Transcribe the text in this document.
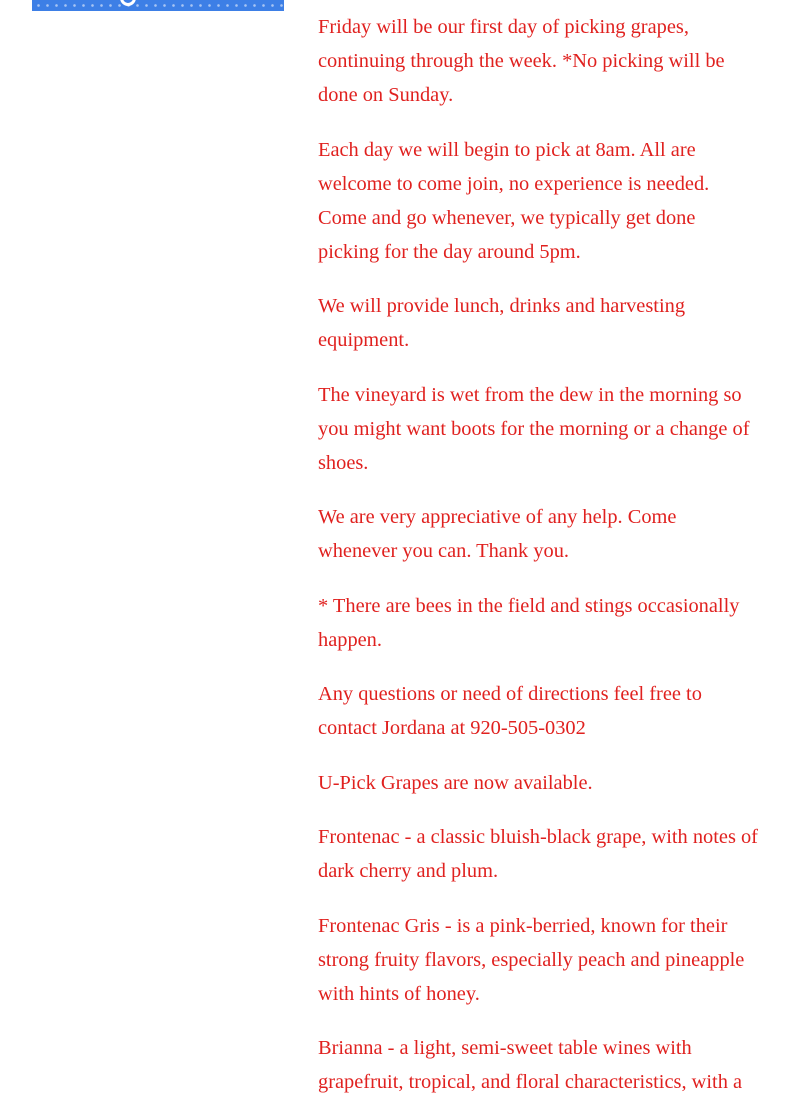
Friday will be our first day of picking grapes, continuing through the week. *No picking will be done on Sunday.

Each day we will begin to pick at 8am. All are welcome to come join, no experience is needed. Come and go whenever, we typically get done picking for the day around 5pm.

We will provide lunch, drinks and harvesting equipment.

The vineyard is wet from the dew in the morning so you might want boots for the morning or a change of shoes.

We are very appreciative of any help. Come whenever you can. Thank you.

* There are bees in the field and stings occasionally happen.

Any questions or need of directions feel free to contact Jordana at 920-505-0302

U-Pick Grapes are now available.

Frontenac - a classic bluish-black grape, with notes of dark cherry and plum.

Frontenac Gris - is a pink-berried, known for their strong fruity flavors, especially peach and pineapple with hints of honey.

Brianna - a light, semi-sweet table wines with grapefruit, tropical, and floral characteristics, with a
